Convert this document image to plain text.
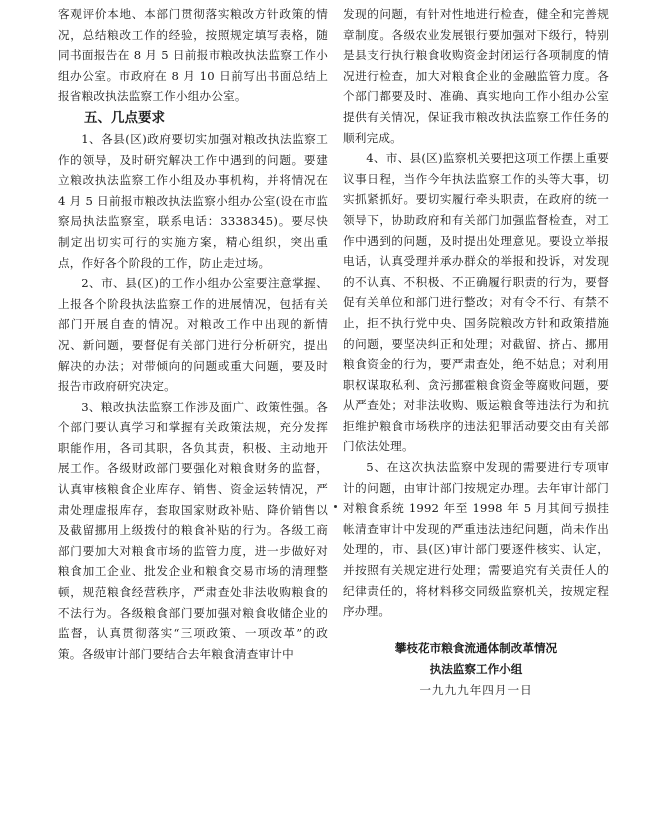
客观评价本地、本部门贯彻落实粮改方针政策的情况，总结粮改工作的经验，按照规定填写表格，随同书面报告在 8 月 5 日前报市粮改执法监察工作小组办公室。市政府在 8 月 10 日前写出书面总结上报省粮改执法监察工作小组办公室。

五、几点要求

1、各县(区)政府要切实加强对粮改执法监察工作的领导，及时研究解决工作中遇到的问题。要建立粮改执法监察工作小组及办事机构，并将情况在 4 月 5 日前报市粮改执法监察小组办公室(设在市监察局执法监察室，联系电话：3338345)。要尽快制定出切实可行的实施方案，精心组织，突出重点，作好各个阶段的工作，防止走过场。

2、市、县(区)的工作小组办公室要注意掌握、上报各个阶段执法监察工作的进展情况，包括有关部门开展自查的情况。对粮改工作中出现的新情况、新问题，要督促有关部门进行分析研究，提出解决的办法；对带倾向的问题或重大问题，要及时报告市政府研究决定。

3、粮改执法监察工作涉及面广、政策性强。各个部门要认真学习和掌握有关政策法规，充分发挥职能作用，各司其职，各负其责，积极、主动地开展工作。各级财政部门要强化对粮食财务的监督，认真审核粮食企业库存、销售、资金运转情况，严肃处理虚报库存，套取国家财政补贴、降价销售以及截留挪用上级拨付的粮食补贴的行为。各级工商部门要加大对粮食市场的监管力度，进一步做好对粮食加工企业、批发企业和粮食交易市场的清理整顿，规范粮食经营秩序，严肃查处非法收购粮食的不法行为。各级粮食部门要加强对粮食收储企业的监督，认真贯彻落实“三项政策、一项改革”的政策。各级审计部门要结合去年粮食清查审计中

发现的问题，有针对性地进行检查，健全和完善规章制度。各级农业发展银行要加强对下级行，特别是县支行执行粮食收购资金封闭运行各项制度的情况进行检查，加大对粮食企业的金融监管力度。各个部门都要及时、准确、真实地向工作小组办公室提供有关情况，保证我市粮改执法监察工作任务的顺利完成。

4、市、县(区)监察机关要把这项工作摆上重要议事日程，当作今年执法监察工作的头等大事，切实抓紧抓好。要切实履行牵头职责，在政府的统一领导下，协助政府和有关部门加强监督检查，对工作中遇到的问题，及时提出处理意见。要设立举报电话，认真受理并承办群众的举报和投诉，对发现的不认真、不积极、不正确履行职责的行为，要督促有关单位和部门进行整改；对有令不行、有禁不止，拒不执行党中央、国务院粮改方针和政策措施的问题，要坚决纠正和处理；对截留、挤占、挪用粮食资金的行为，要严肃查处，绝不姑息；对利用职权谋取私利、贪污挪霍粮食资金等腐败问题，要从严查处；对非法收购、贩运粮食等违法行为和抗拒维护粮食市场秩序的违法犯罪活动要交由有关部门依法处理。

5、在这次执法监察中发现的需要进行专项审计的问题，由审计部门按规定办理。去年审计部门对粮食系统 1992 年至 1998 年 5 月其间亏损挂帐清查审计中发现的严重违法违纪问题，尚未作出处理的，市、县(区)审计部门要逐件核实、认定，并按照有关规定进行处理；需要追究有关责任人的纪律责任的，将材料移交同级监察机关，按规定程序办理。

攀枝花市粮食流通体制改革情况
执法监察工作小组
一九九九年四月一日
